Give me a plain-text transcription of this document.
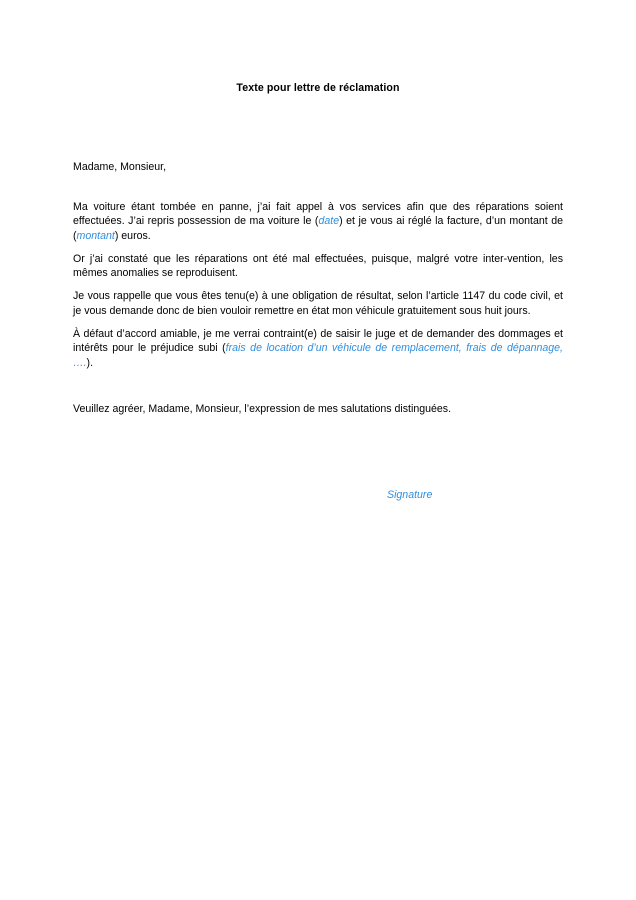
Texte pour lettre de réclamation

Madame, Monsieur,

Ma voiture étant tombée en panne, j’ai fait appel à vos services afin que des réparations soient effectuées. J’ai repris possession de ma voiture le (date) et je vous ai réglé la facture, d’un montant de (montant) euros.

Or j’ai constaté que les réparations ont été mal effectuées, puisque, malgré votre inter-vention, les mêmes anomalies se reproduisent.

Je vous rappelle que vous êtes tenu(e) à une obligation de résultat, selon l’article 1147 du code civil, et je vous demande donc de bien vouloir remettre en état mon véhicule gratuitement sous huit jours.

À défaut d’accord amiable, je me verrai contraint(e) de saisir le juge et de demander des dommages et intérêts pour le préjudice subi (frais de location d’un véhicule de remplacement, frais de dépannage, ….).

Veuillez agréer, Madame, Monsieur, l’expression de mes salutations distinguées.

Signature
